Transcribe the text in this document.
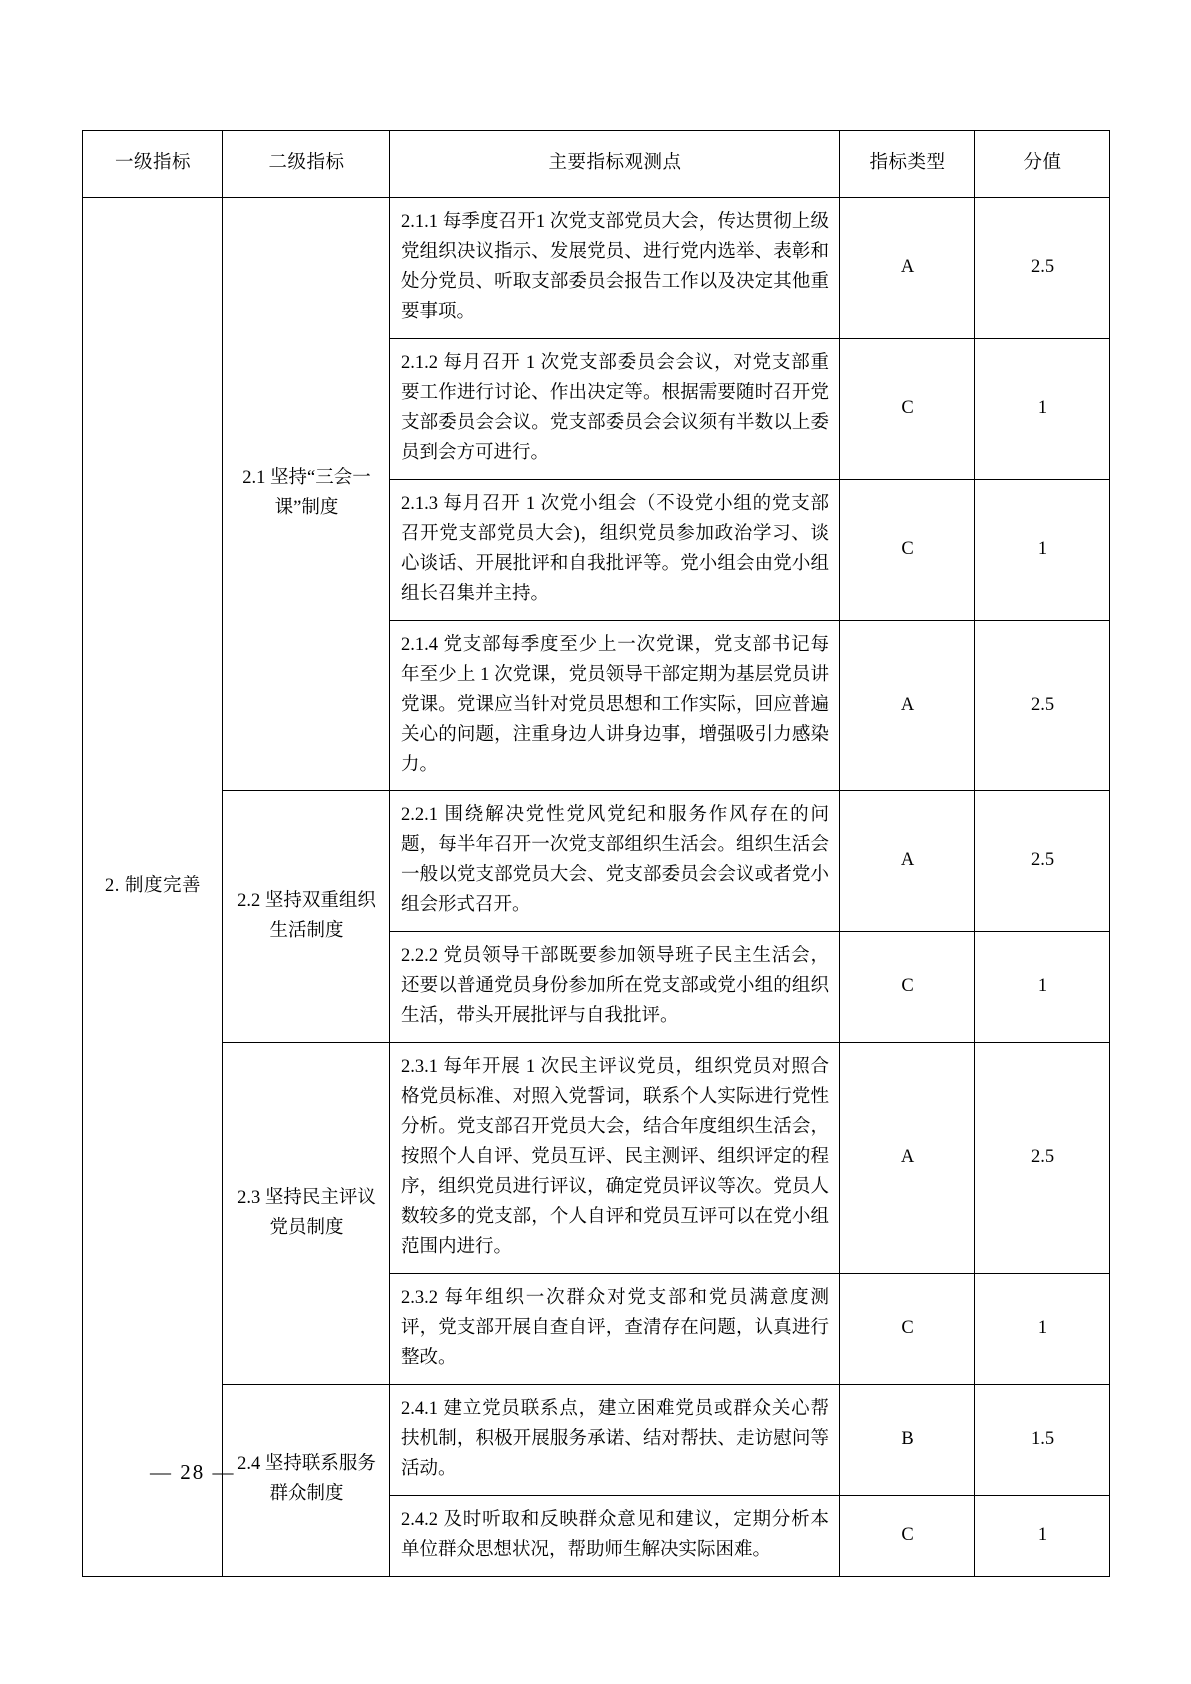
一级指标	二级指标	主要指标观测点	指标类型	分值
2. 制度完善	2.1 坚持“三会一课”制度	2.1.1 每季度召开1 次党支部党员大会，传达贯彻上级党组织决议指示、发展党员、进行党内选举、表彰和处分党员、听取支部委员会报告工作以及决定其他重要事项。	A	2.5
		2.1.2 每月召开 1 次党支部委员会会议，对党支部重要工作进行讨论、作出决定等。根据需要随时召开党支部委员会会议。党支部委员会会议须有半数以上委员到会方可进行。	C	1
		2.1.3 每月召开 1 次党小组会（不设党小组的党支部召开党支部党员大会)，组织党员参加政治学习、谈心谈话、开展批评和自我批评等。党小组会由党小组组长召集并主持。	C	1
		2.1.4 党支部每季度至少上一次党课，党支部书记每年至少上 1 次党课，党员领导干部定期为基层党员讲党课。党课应当针对党员思想和工作实际，回应普遍关心的问题，注重身边人讲身边事，增强吸引力感染力。	A	2.5
	2.2 坚持双重组织生活制度	2.2.1 围绕解决党性党风党纪和服务作风存在的问题，每半年召开一次党支部组织生活会。组织生活会一般以党支部党员大会、党支部委员会会议或者党小组会形式召开。	A	2.5
		2.2.2 党员领导干部既要参加领导班子民主生活会，还要以普通党员身份参加所在党支部或党小组的组织生活，带头开展批评与自我批评。	C	1
	2.3 坚持民主评议党员制度	2.3.1 每年开展 1 次民主评议党员，组织党员对照合格党员标准、对照入党誓词，联系个人实际进行党性分析。党支部召开党员大会，结合年度组织生活会，按照个人自评、党员互评、民主测评、组织评定的程序，组织党员进行评议，确定党员评议等次。党员人数较多的党支部，个人自评和党员互评可以在党小组范围内进行。	A	2.5
		2.3.2 每年组织一次群众对党支部和党员满意度测评，党支部开展自查自评，查清存在问题，认真进行整改。	C	1
	2.4 坚持联系服务群众制度	2.4.1 建立党员联系点，建立困难党员或群众关心帮扶机制，积极开展服务承诺、结对帮扶、走访慰问等活动。	B	1.5
		2.4.2 及时听取和反映群众意见和建议，定期分析本单位群众思想状况，帮助师生解决实际困难。	C	1
— 28 —
